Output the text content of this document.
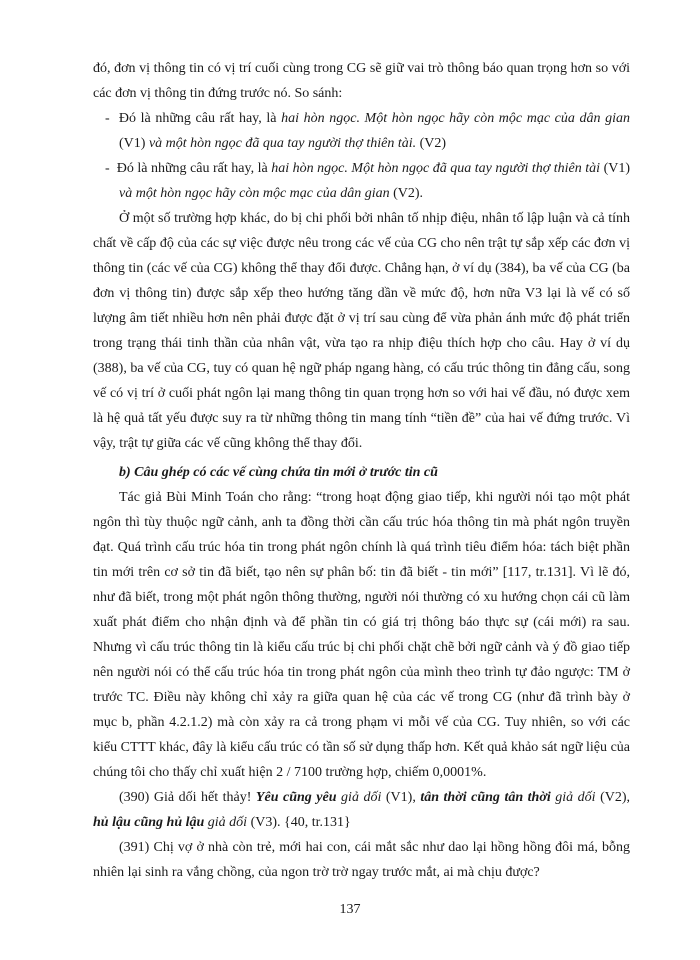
đó, đơn vị thông tin có vị trí cuối cùng trong CG sẽ giữ vai trò thông báo quan trọng hơn so với các đơn vị thông tin đứng trước nó. So sánh:

- Đó là những câu rất hay, là hai hòn ngọc. Một hòn ngọc hãy còn mộc mạc của dân gian (V1) và một hòn ngọc đã qua tay người thợ thiên tài. (V2)

- Đó là những câu rất hay, là hai hòn ngọc. Một hòn ngọc đã qua tay người thợ thiên tài (V1) và một hòn ngọc hãy còn mộc mạc của dân gian (V2).

Ở một số trường hợp khác, do bị chi phối bởi nhân tố nhịp điệu, nhân tố lập luận và cả tính chất về cấp độ của các sự việc được nêu trong các vế của CG cho nên trật tự sắp xếp các đơn vị thông tin (các vế của CG) không thể thay đổi được. Chẳng hạn, ở ví dụ (384), ba vế của CG (ba đơn vị thông tin) được sắp xếp theo hướng tăng dần về mức độ, hơn nữa V3 lại là vế có số lượng âm tiết nhiều hơn nên phải được đặt ở vị trí sau cùng để vừa phản ánh mức độ phát triển trong trạng thái tinh thần của nhân vật, vừa tạo ra nhịp điệu thích hợp cho câu. Hay ở ví dụ (388), ba vế của CG, tuy có quan hệ ngữ pháp ngang hàng, có cấu trúc thông tin đẳng cấu, song vế có vị trí ở cuối phát ngôn lại mang thông tin quan trọng hơn so với hai vế đầu, nó được xem là hệ quả tất yếu được suy ra từ những thông tin mang tính “tiền đề” của hai vế đứng trước. Vì vậy, trật tự giữa các vế cũng không thể thay đổi.

b) Câu ghép có các vế cùng chứa tin mới ở trước tin cũ

Tác giả Bùi Minh Toán cho rằng: “trong hoạt động giao tiếp, khi người nói tạo một phát ngôn thì tùy thuộc ngữ cảnh, anh ta đồng thời cần cấu trúc hóa thông tin mà phát ngôn truyền đạt. Quá trình cấu trúc hóa tin trong phát ngôn chính là quá trình tiêu điểm hóa: tách biệt phần tin mới trên cơ sở tin đã biết, tạo nên sự phân bố: tin đã biết - tin mới” [117, tr.131]. Vì lẽ đó, như đã biết, trong một phát ngôn thông thường, người nói thường có xu hướng chọn cái cũ làm xuất phát điểm cho nhận định và để phần tin có giá trị thông báo thực sự (cái mới) ra sau. Nhưng vì cấu trúc thông tin là kiểu cấu trúc bị chi phối chặt chẽ bởi ngữ cảnh và ý đồ giao tiếp nên người nói có thể cấu trúc hóa tin trong phát ngôn của mình theo trình tự đảo ngược: TM ở trước TC. Điều này không chỉ xảy ra giữa quan hệ của các vế trong CG (như đã trình bày ở mục b, phần 4.2.1.2) mà còn xảy ra cả trong phạm vi mỗi vế của CG. Tuy nhiên, so với các kiểu CTTT khác, đây là kiểu cấu trúc có tần số sử dụng thấp hơn. Kết quả khảo sát ngữ liệu của chúng tôi cho thấy chỉ xuất hiện 2 / 7100 trường hợp, chiếm 0,0001%.

(390) Giả dối hết thảy! Yêu cũng yêu giả dối (V1), tân thời cũng tân thời giả dối (V2), hủ lậu cũng hủ lậu giả dối (V3). {40, tr.131}

(391) Chị vợ ở nhà còn trẻ, mới hai con, cái mắt sắc như dao lại hồng hồng đôi má, bỗng nhiên lại sinh ra vắng chồng, của ngon trờ trờ ngay trước mắt, ai mà chịu được?

137
